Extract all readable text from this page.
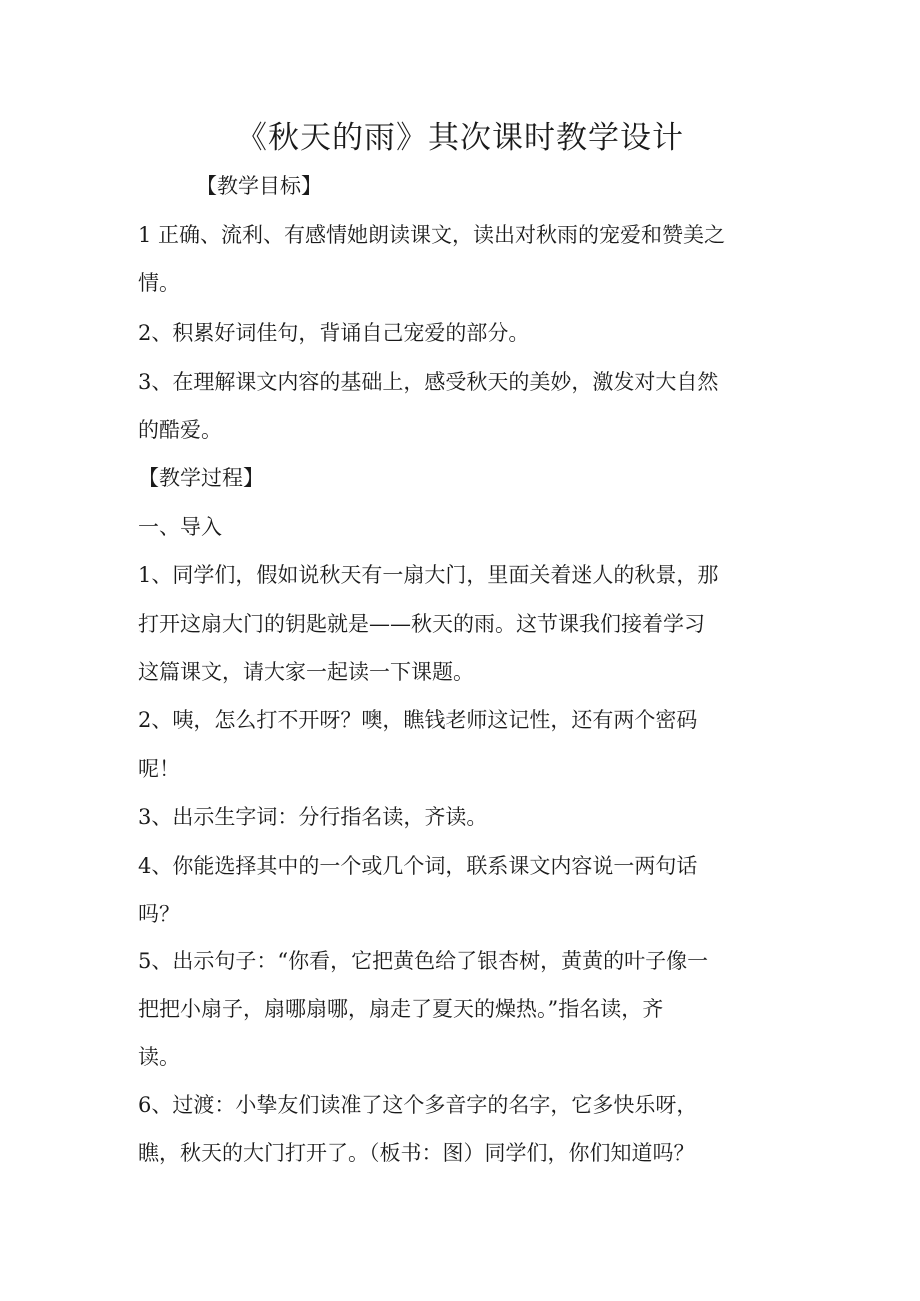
《秋天的雨》其次课时教学设计

【教学目标】

1 正确、流利、有感情她朗读课文，读出对秋雨的宠爱和赞美之

情。

2、积累好词佳句，背诵自己宠爱的部分。

3、在理解课文内容的基础上，感受秋天的美妙，激发对大自然

的酷爱。

【教学过程】

一、导入

1、同学们，假如说秋天有一扇大门，里面关着迷人的秋景，那

打开这扇大门的钥匙就是——秋天的雨。这节课我们接着学习

这篇课文，请大家一起读一下课题。

2、咦，怎么打不开呀？噢，瞧钱老师这记性，还有两个密码

呢！

3、出示生字词：分行指名读，齐读。

4、你能选择其中的一个或几个词，联系课文内容说一两句话

吗？

5、出示句子：“你看，它把黄色给了银杏树，黄黄的叶子像一

把把小扇子，扇哪扇哪，扇走了夏天的燥热。”指名读，齐

读。

6、过渡：小挚友们读准了这个多音字的名字，它多快乐呀，

瞧，秋天的大门打开了。（板书：图）同学们，你们知道吗？
